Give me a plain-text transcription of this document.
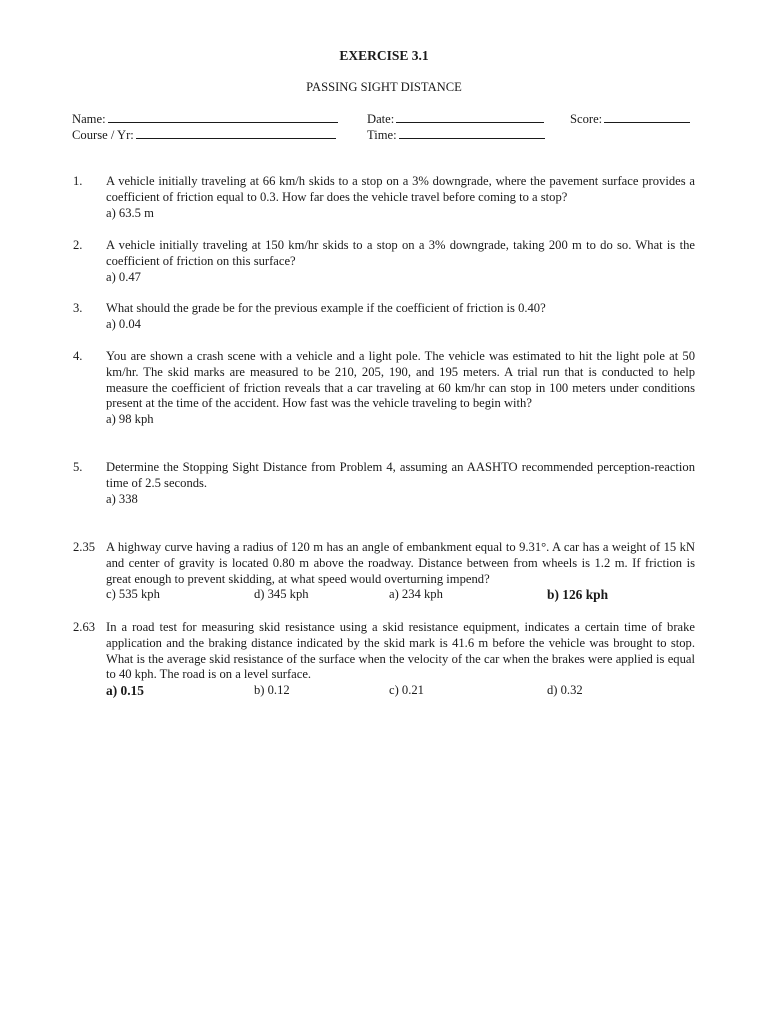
EXERCISE 3.1
PASSING SIGHT DISTANCE
Name:	Date:	Score:
Course / Yr:	Time:
1. A vehicle initially traveling at 66 km/h skids to a stop on a 3% downgrade, where the pavement surface provides a coefficient of friction equal to 0.3. How far does the vehicle travel before coming to a stop?
a) 63.5 m
2. A vehicle initially traveling at 150 km/hr skids to a stop on a 3% downgrade, taking 200 m to do so. What is the coefficient of friction on this surface?
a) 0.47
3. What should the grade be for the previous example if the coefficient of friction is 0.40?
a) 0.04
4. You are shown a crash scene with a vehicle and a light pole. The vehicle was estimated to hit the light pole at 50 km/hr. The skid marks are measured to be 210, 205, 190, and 195 meters. A trial run that is conducted to help measure the coefficient of friction reveals that a car traveling at 60 km/hr can stop in 100 meters under conditions present at the time of the accident. How fast was the vehicle traveling to begin with?
a) 98 kph
5. Determine the Stopping Sight Distance from Problem 4, assuming an AASHTO recommended perception-reaction time of 2.5 seconds.
a) 338
2.35 A highway curve having a radius of 120 m has an angle of embankment equal to 9.31°. A car has a weight of 15 kN and center of gravity is located 0.80 m above the roadway. Distance between from wheels is 1.2 m. If friction is great enough to prevent skidding, at what speed would overturning impend?
c) 535 kph	d) 345 kph	a) 234 kph	b) 126 kph
2.63 In a road test for measuring skid resistance using a skid resistance equipment, indicates a certain time of brake application and the braking distance indicated by the skid mark is 41.6 m before the vehicle was brought to stop. What is the average skid resistance of the surface when the velocity of the car when the brakes were applied is equal to 40 kph. The road is on a level surface.
a) 0.15	b) 0.12	c) 0.21	d) 0.32
